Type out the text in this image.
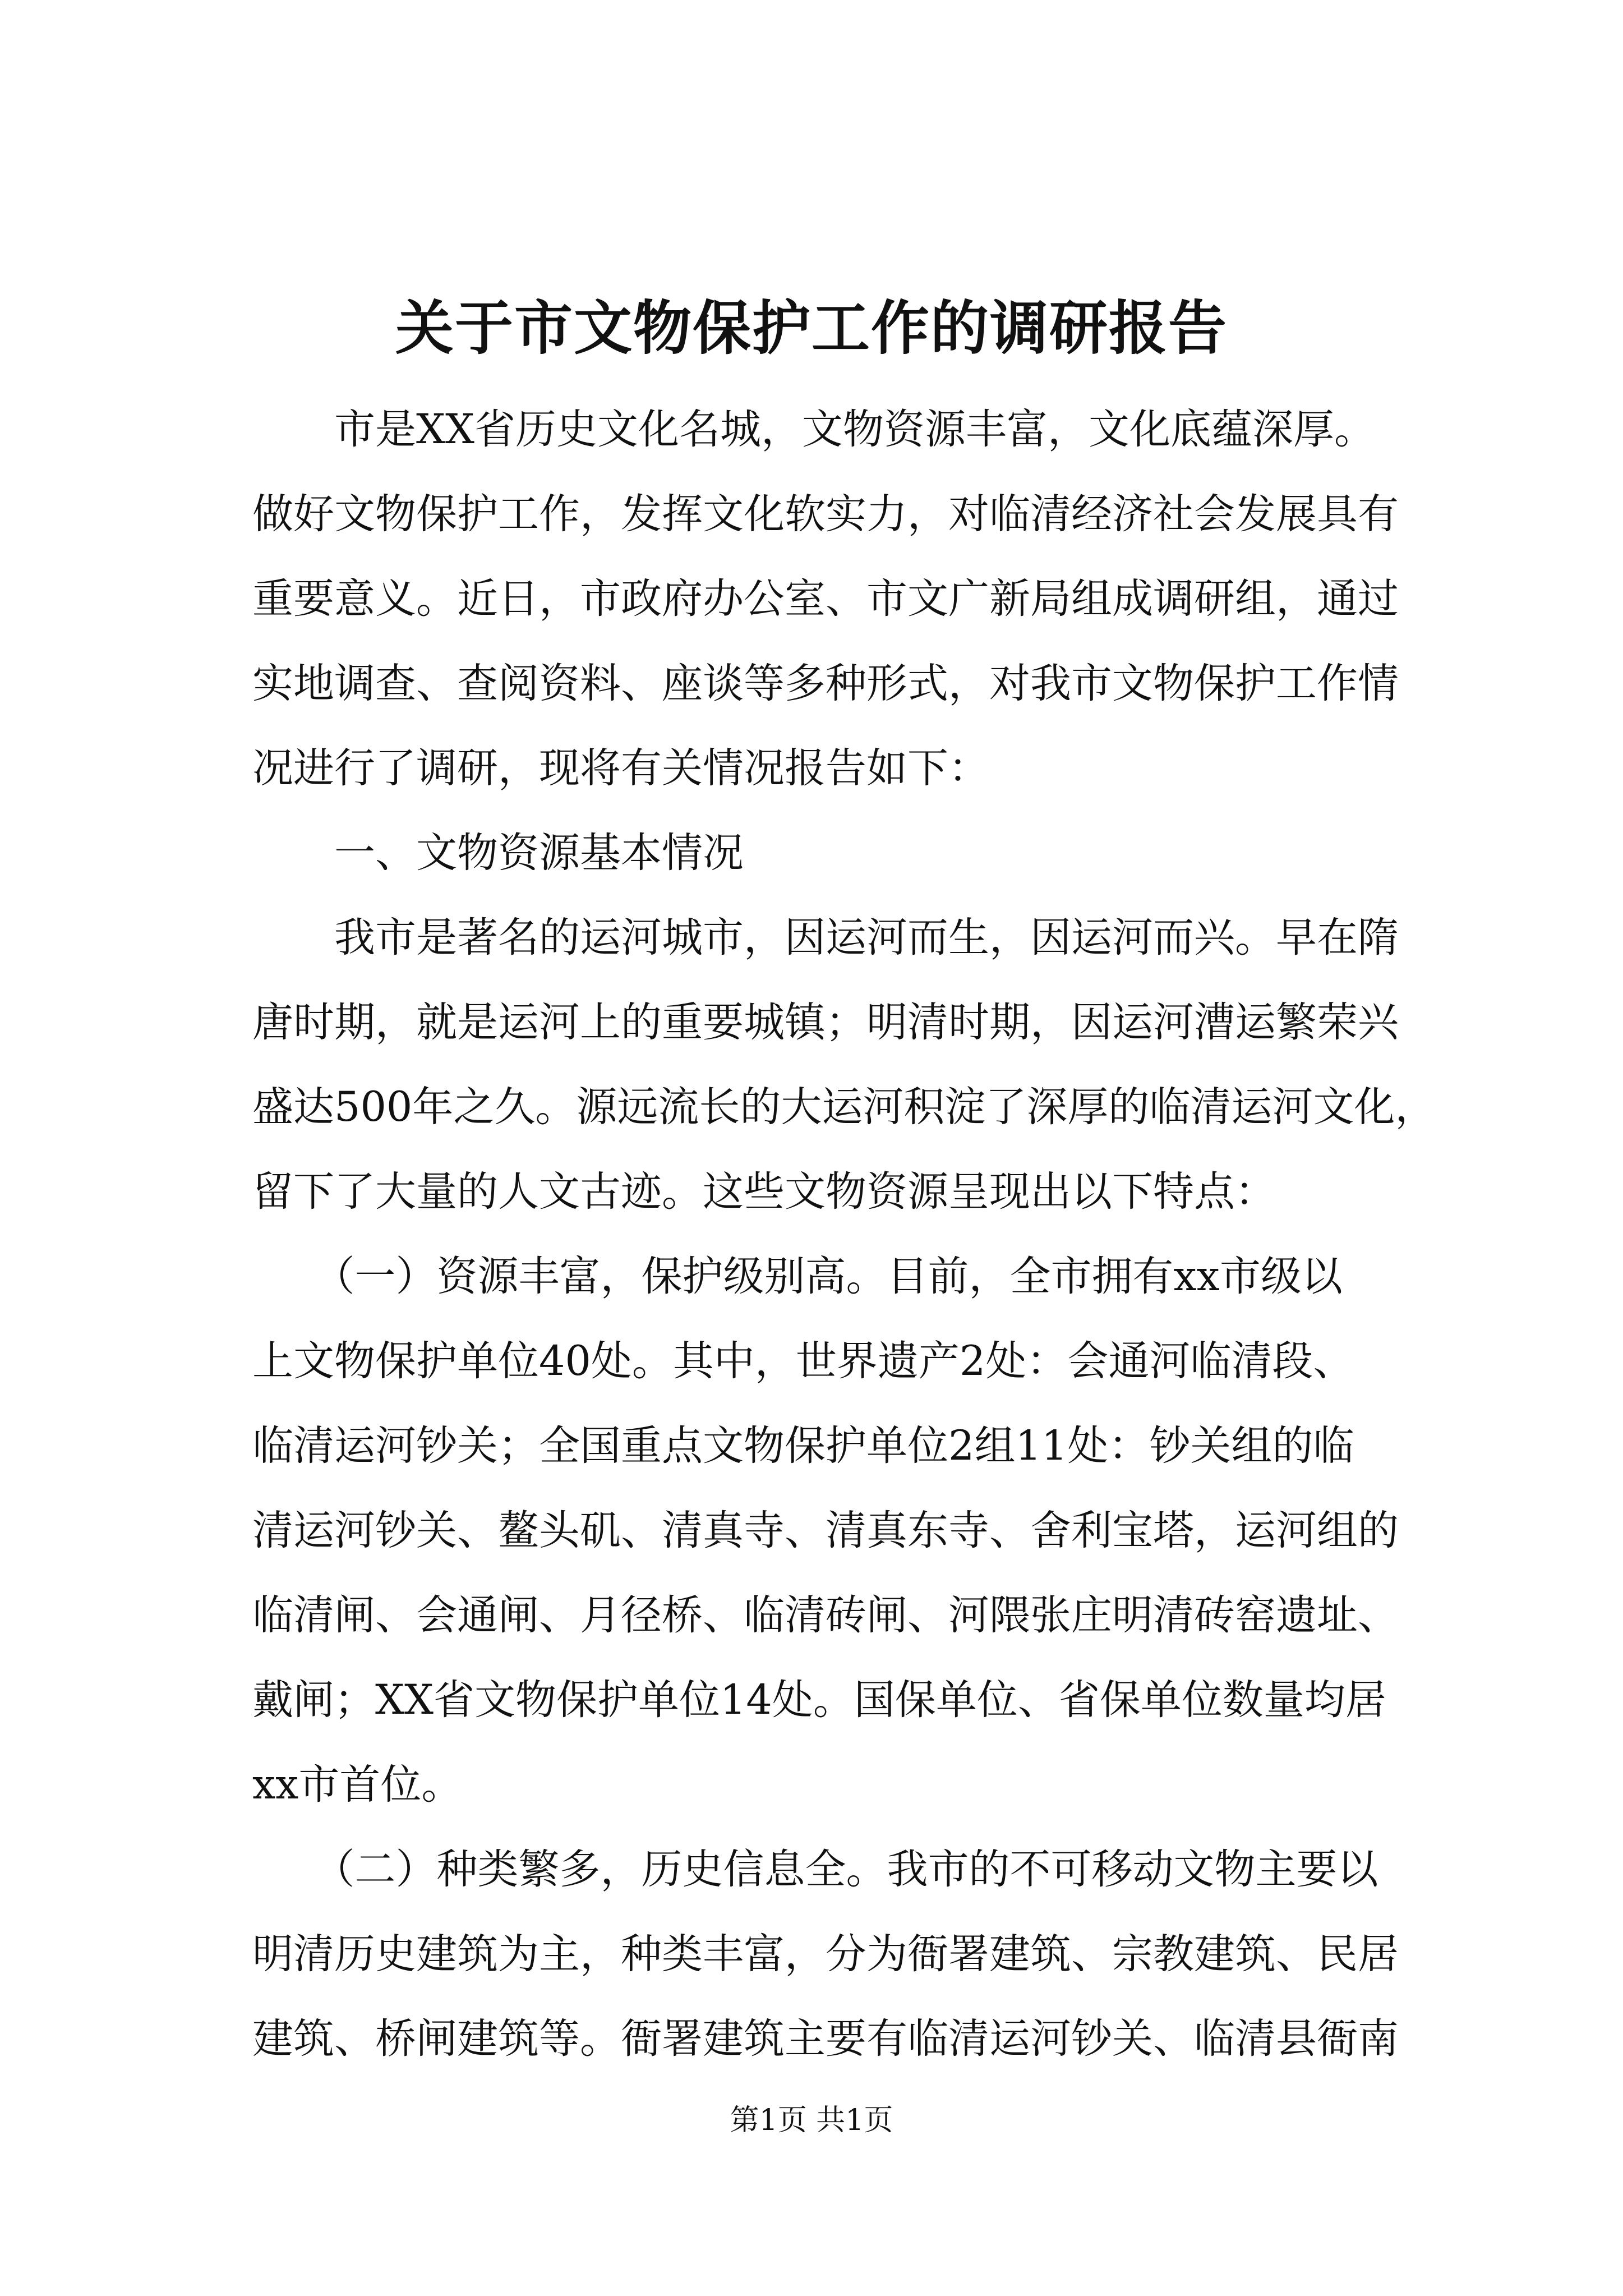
关于市文物保护工作的调研报告
　　市是XX省历史文化名城，文物资源丰富，文化底蕴深厚。
做好文物保护工作，发挥文化软实力，对临清经济社会发展具有
重要意义。近日，市政府办公室、市文广新局组成调研组，通过
实地调查、查阅资料、座谈等多种形式，对我市文物保护工作情
况进行了调研，现将有关情况报告如下：
　　一、文物资源基本情况
　　我市是著名的运河城市，因运河而生，因运河而兴。早在隋
唐时期，就是运河上的重要城镇；明清时期，因运河漕运繁荣兴
盛达500年之久。源远流长的大运河积淀了深厚的临清运河文化，
留下了大量的人文古迹。这些文物资源呈现出以下特点：
　　（一）资源丰富，保护级别高。目前，全市拥有xx市级以
上文物保护单位40处。其中，世界遗产2处：会通河临清段、
临清运河钞关；全国重点文物保护单位2组11处：钞关组的临
清运河钞关、鳌头矶、清真寺、清真东寺、舍利宝塔，运河组的
临清闸、会通闸、月径桥、临清砖闸、河隈张庄明清砖窑遗址、
戴闸；XX省文物保护单位14处。国保单位、省保单位数量均居
xx市首位。
　　（二）种类繁多，历史信息全。我市的不可移动文物主要以
明清历史建筑为主，种类丰富，分为衙署建筑、宗教建筑、民居
建筑、桥闸建筑等。衙署建筑主要有临清运河钞关、临清县衙南
第1页 共1页
